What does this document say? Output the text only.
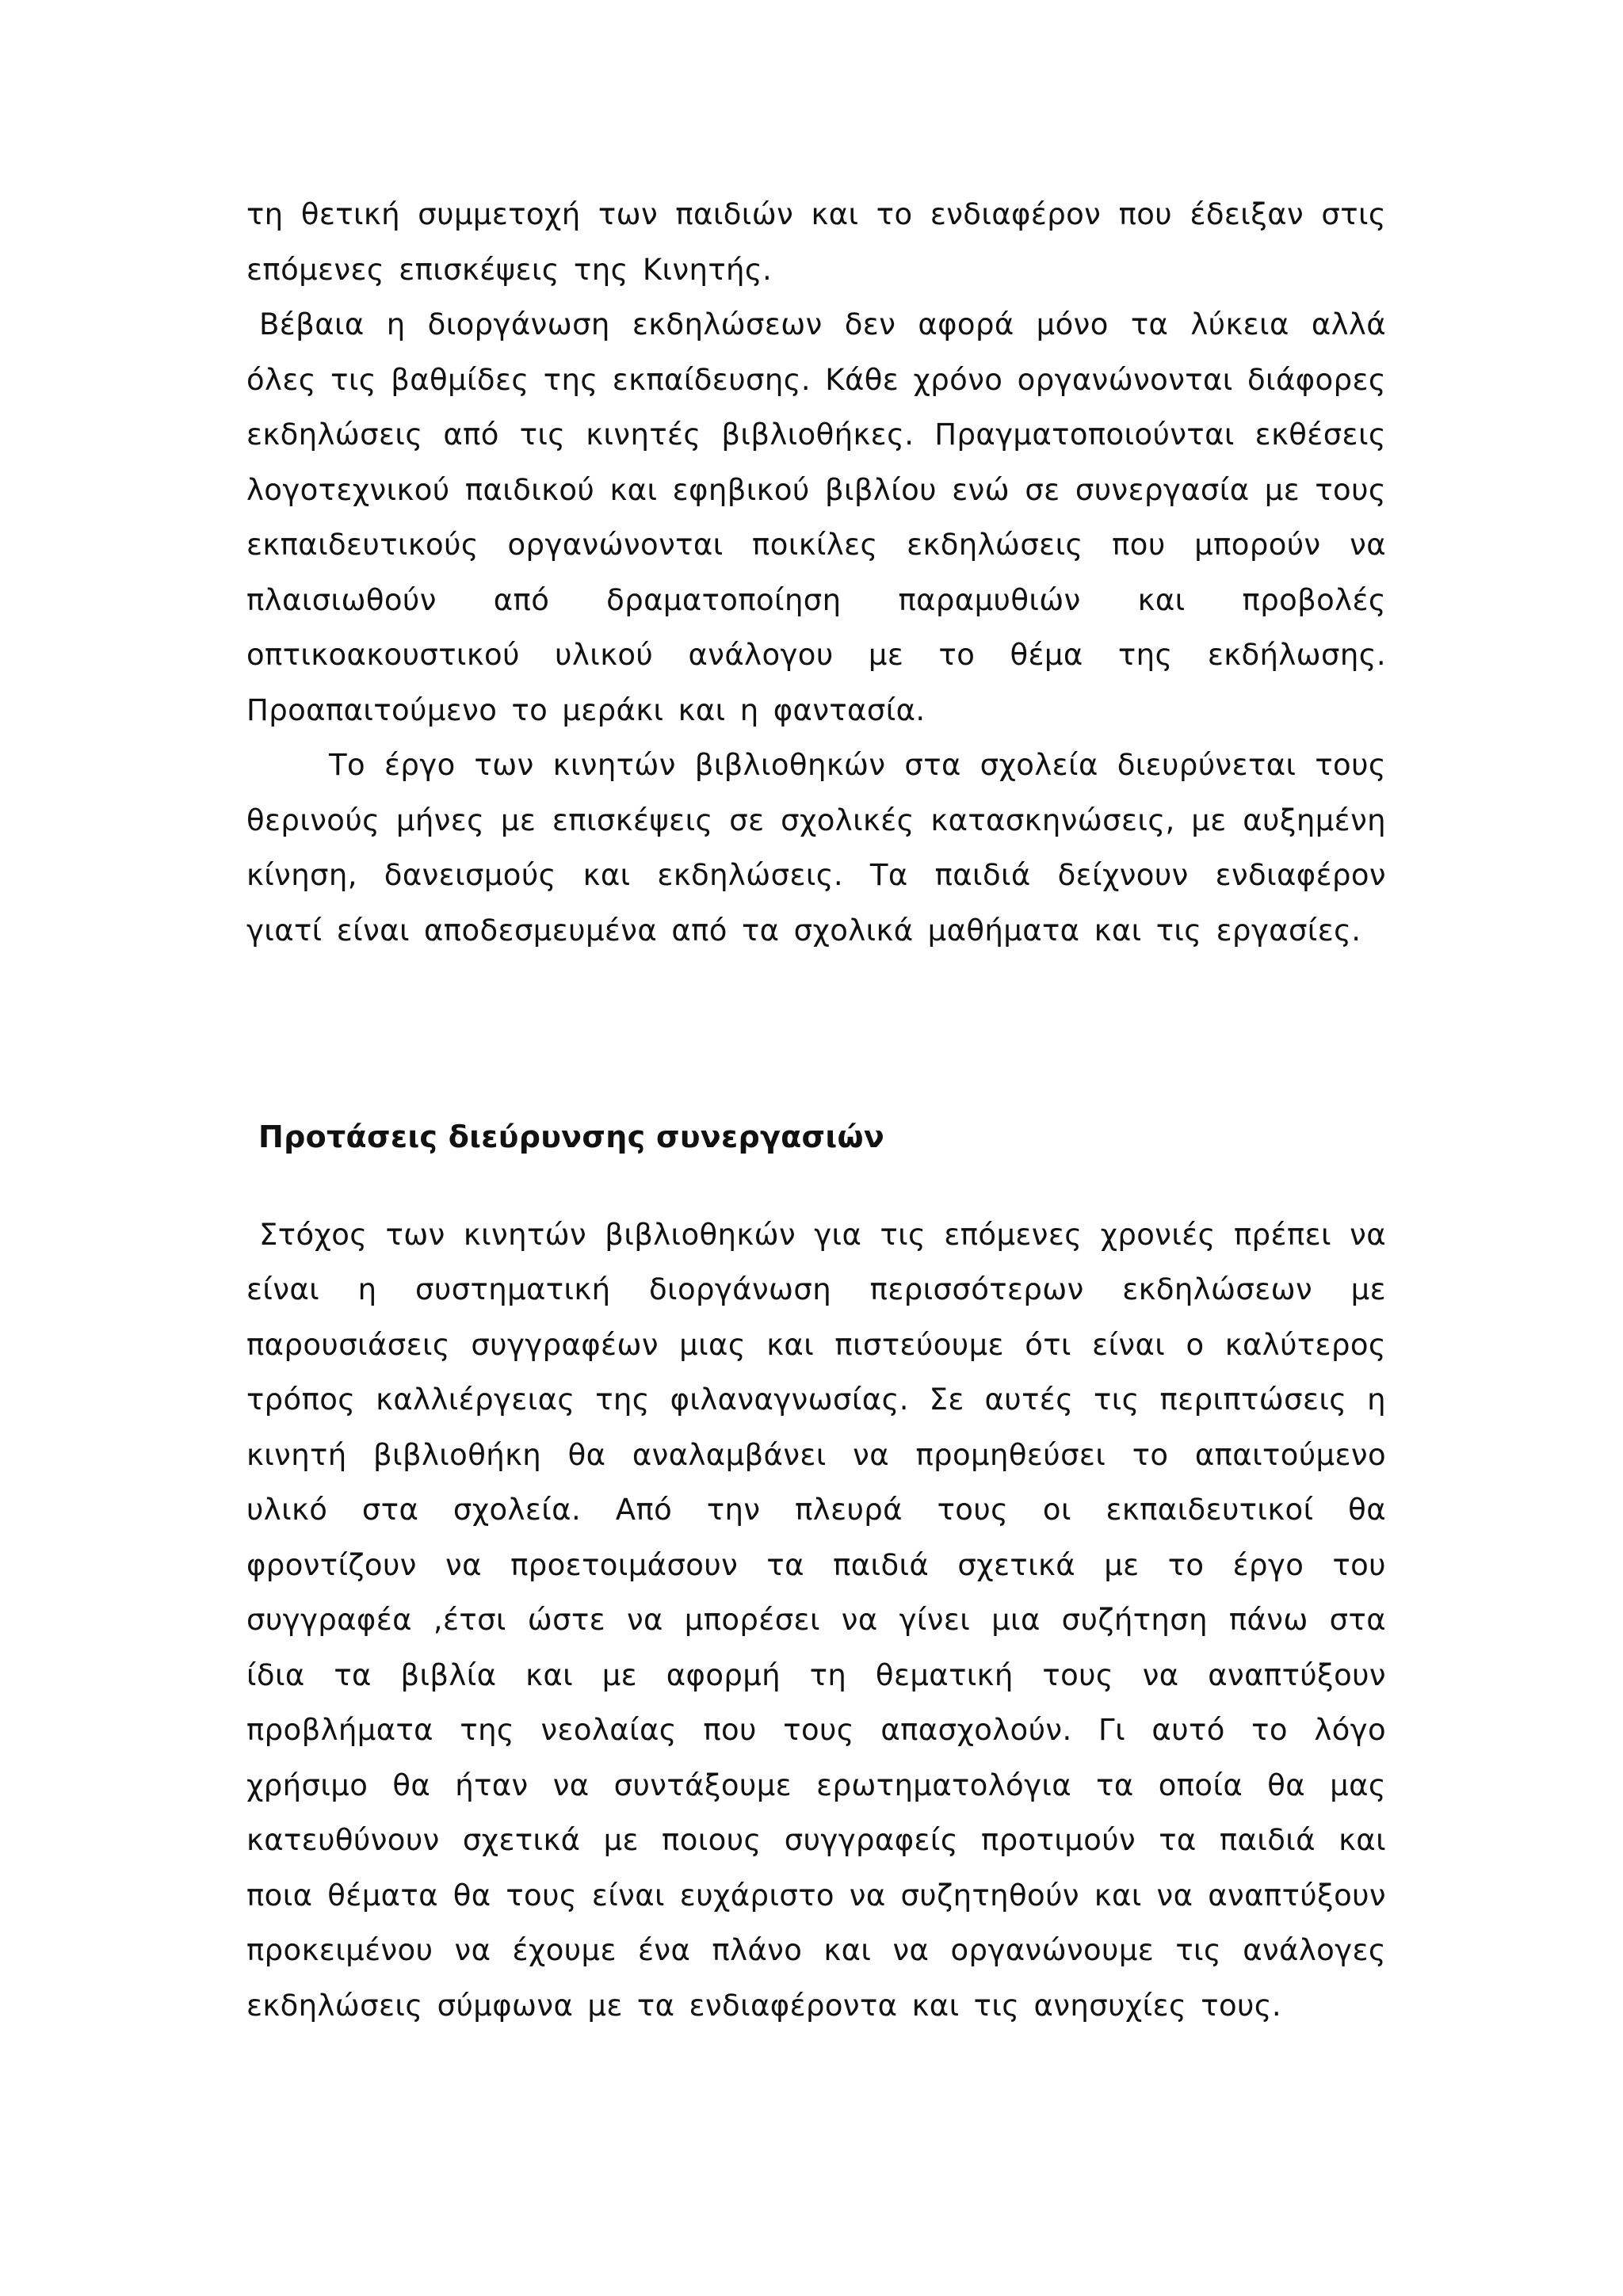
τη θετική συμμετοχή των παιδιών και το ενδιαφέρον που έδειξαν στις επόμενες επισκέψεις της Κινητής.

Βέβαια η διοργάνωση εκδηλώσεων δεν αφορά μόνο τα λύκεια αλλά όλες τις βαθμίδες της εκπαίδευσης. Κάθε χρόνο οργανώνονται διάφορες εκδηλώσεις από τις κινητές βιβλιοθήκες. Πραγματοποιούνται εκθέσεις λογοτεχνικού παιδικού και εφηβικού βιβλίου ενώ σε συνεργασία με τους εκπαιδευτικούς οργανώνονται ποικίλες εκδηλώσεις που μπορούν να πλαισιωθούν από δραματοποίηση παραμυθιών και προβολές οπτικοακουστικού υλικού ανάλογου με το θέμα της εκδήλωσης. Προαπαιτούμενο το μεράκι και η φαντασία.

Το έργο των κινητών βιβλιοθηκών στα σχολεία διευρύνεται τους θερινούς μήνες με επισκέψεις σε σχολικές κατασκηνώσεις, με αυξημένη κίνηση, δανεισμούς και εκδηλώσεις. Τα παιδιά δείχνουν ενδιαφέρον γιατί είναι αποδεσμευμένα από τα σχολικά μαθήματα και τις εργασίες.

Προτάσεις διεύρυνσης συνεργασιών

Στόχος των κινητών βιβλιοθηκών για τις επόμενες χρονιές πρέπει να είναι η συστηματική διοργάνωση περισσότερων εκδηλώσεων με παρουσιάσεις συγγραφέων μιας και πιστεύουμε ότι είναι ο καλύτερος τρόπος καλλιέργειας της φιλαναγνωσίας. Σε αυτές τις περιπτώσεις η κινητή βιβλιοθήκη θα αναλαμβάνει να προμηθεύσει το απαιτούμενο υλικό στα σχολεία. Από την πλευρά τους οι εκπαιδευτικοί θα φροντίζουν να προετοιμάσουν τα παιδιά σχετικά με το έργο του συγγραφέα ,έτσι ώστε να μπορέσει να γίνει μια συζήτηση πάνω στα ίδια τα βιβλία και με αφορμή τη θεματική τους να αναπτύξουν προβλήματα της νεολαίας που τους απασχολούν. Γι αυτό το λόγο χρήσιμο θα ήταν να συντάξουμε ερωτηματολόγια τα οποία θα μας κατευθύνουν σχετικά με ποιους συγγραφείς προτιμούν τα παιδιά και ποια θέματα θα τους είναι ευχάριστο να συζητηθούν και να αναπτύξουν προκειμένου να έχουμε ένα πλάνο και να οργανώνουμε τις ανάλογες εκδηλώσεις σύμφωνα με τα ενδιαφέροντα και τις ανησυχίες τους.
